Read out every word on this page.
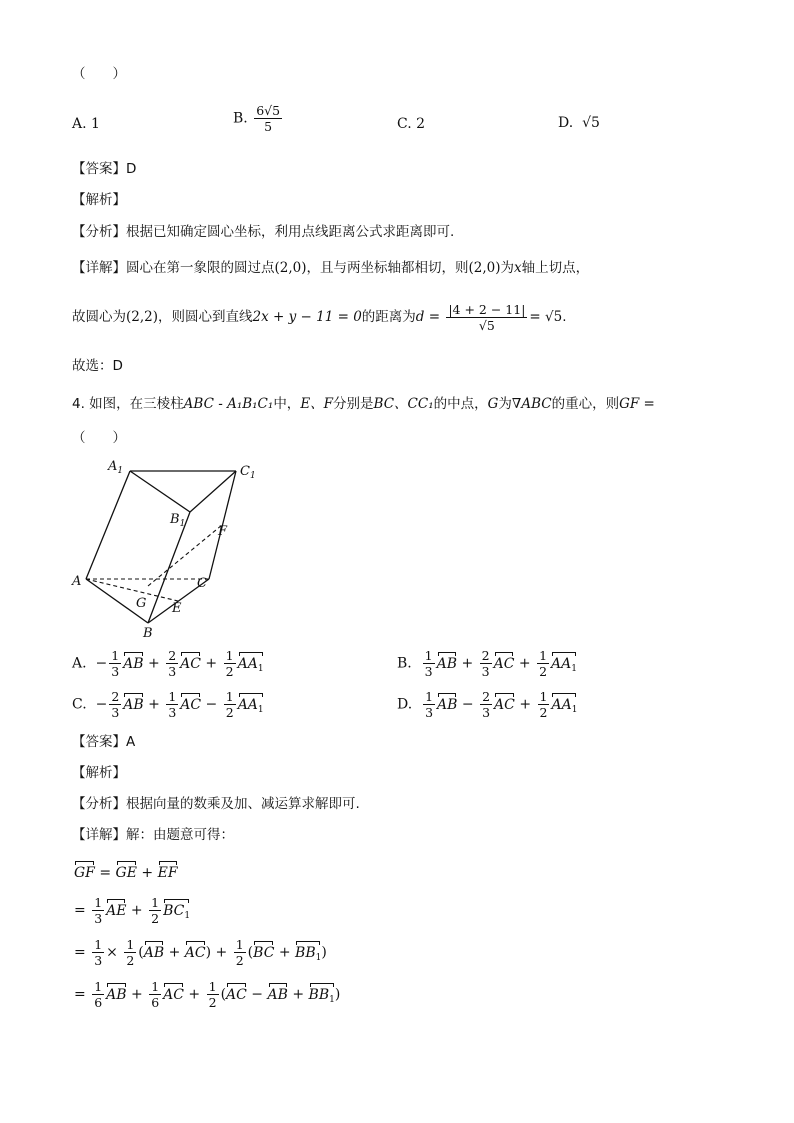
（　　）
A. 1	B. $\frac{6√5}{5}$	C. 2	D. √5
【答案】D
【解析】
【分析】根据已知确定圆心坐标，利用点线距离公式求距离即可.
【详解】圆心在第一象限的圆过点(2,0)，且与两坐标轴都相切，则(2,0)为x轴上切点，
故圆心为(2,2)，则圆心到直线2x + y − 11 = 0的距离为$d = \frac{|4 + 2 - 11|}{√5} = √5$.
故选：D
4. 如图，在三棱柱ABC - A₁B₁C₁中，E、F分别是BC、CC₁的中点，G为∇ABC的重心，则GF =
（　　）
$A_1$	$C_1$
$B_1$	F
A	C
G E
B
A.  − $\frac{1}{3}$ AB + $\frac{2}{3}$ AC + $\frac{1}{2} AA_1$	B. $\frac{1}{3}$ AB + $\frac{2}{3}$ AC + $\frac{1}{2} AA_1$
C.  − $\frac{2}{3}$ AB + $\frac{1}{3}$ AC − $\frac{1}{2} AA_1$	D. $\frac{1}{3}$ AB − $\frac{2}{3}$ AC + $\frac{1}{2} AA_1$
【答案】A
【解析】
【分析】根据向量的数乘及加、减运算求解即可.
【详解】解：由题意可得：
GF = GE + EF
= $\frac{1}{3}$ AE + $\frac{1}{2} BC_1$
= $\frac{1}{3} \times \frac{1}{2} (AB + AC) + \frac{1}{2} (BC + BB_1)$
= $\frac{1}{6}$ AB + $\frac{1}{6}$ AC + $\frac{1}{2} (AC$ − AB + $BB_1$)
